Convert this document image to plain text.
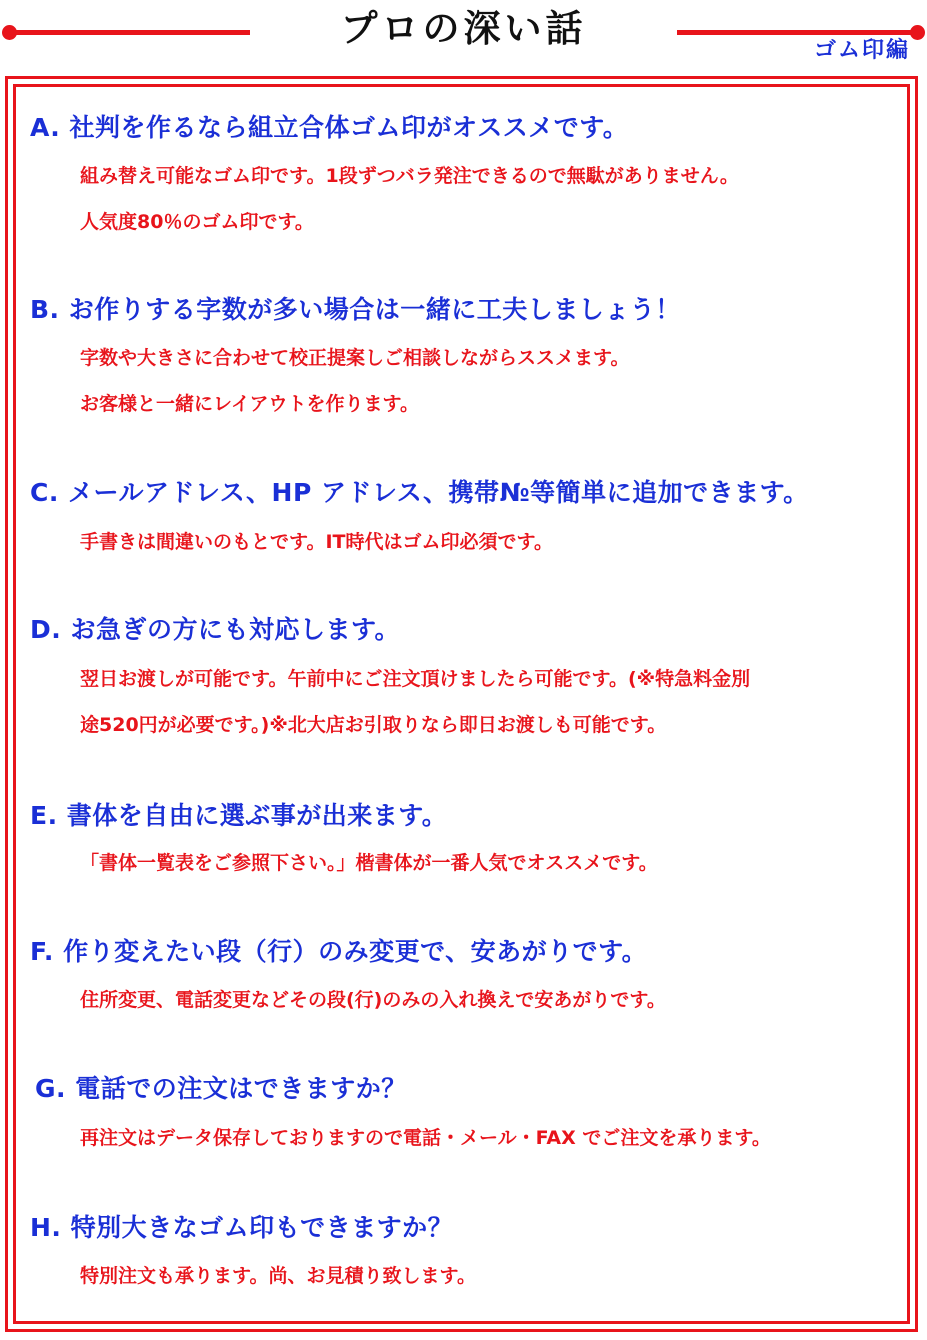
プロの深い話
ゴム印編
A. 社判を作るなら組立合体ゴム印がオススメです。
組み替え可能なゴム印です。1段ずつバラ発注できるので無駄がありません。
人気度80％のゴム印です。
B. お作りする字数が多い場合は一緒に工夫しましょう！
字数や大きさに合わせて校正提案しご相談しながらススメます。
お客様と一緒にレイアウトを作ります。
C. メールアドレス、HP アドレス、携帯№等簡単に追加できます。
手書きは間違いのもとです。IT時代はゴム印必須です。
D. お急ぎの方にも対応します。
翌日お渡しが可能です。午前中にご注文頂けましたら可能です。(※特急料金別
途520円が必要です。)※北大店お引取りなら即日お渡しも可能です。
E. 書体を自由に選ぶ事が出来ます。
「書体一覧表をご参照下さい。」楷書体が一番人気でオススメです。
F. 作り変えたい段（行）のみ変更で、安あがりです。
住所変更、電話変更などその段(行)のみの入れ換えで安あがりです。
G. 電話での注文はできますか？
再注文はデータ保存しておりますので電話・メール・FAX でご注文を承ります。
H. 特別大きなゴム印もできますか？
特別注文も承ります。尚、お見積り致します。
